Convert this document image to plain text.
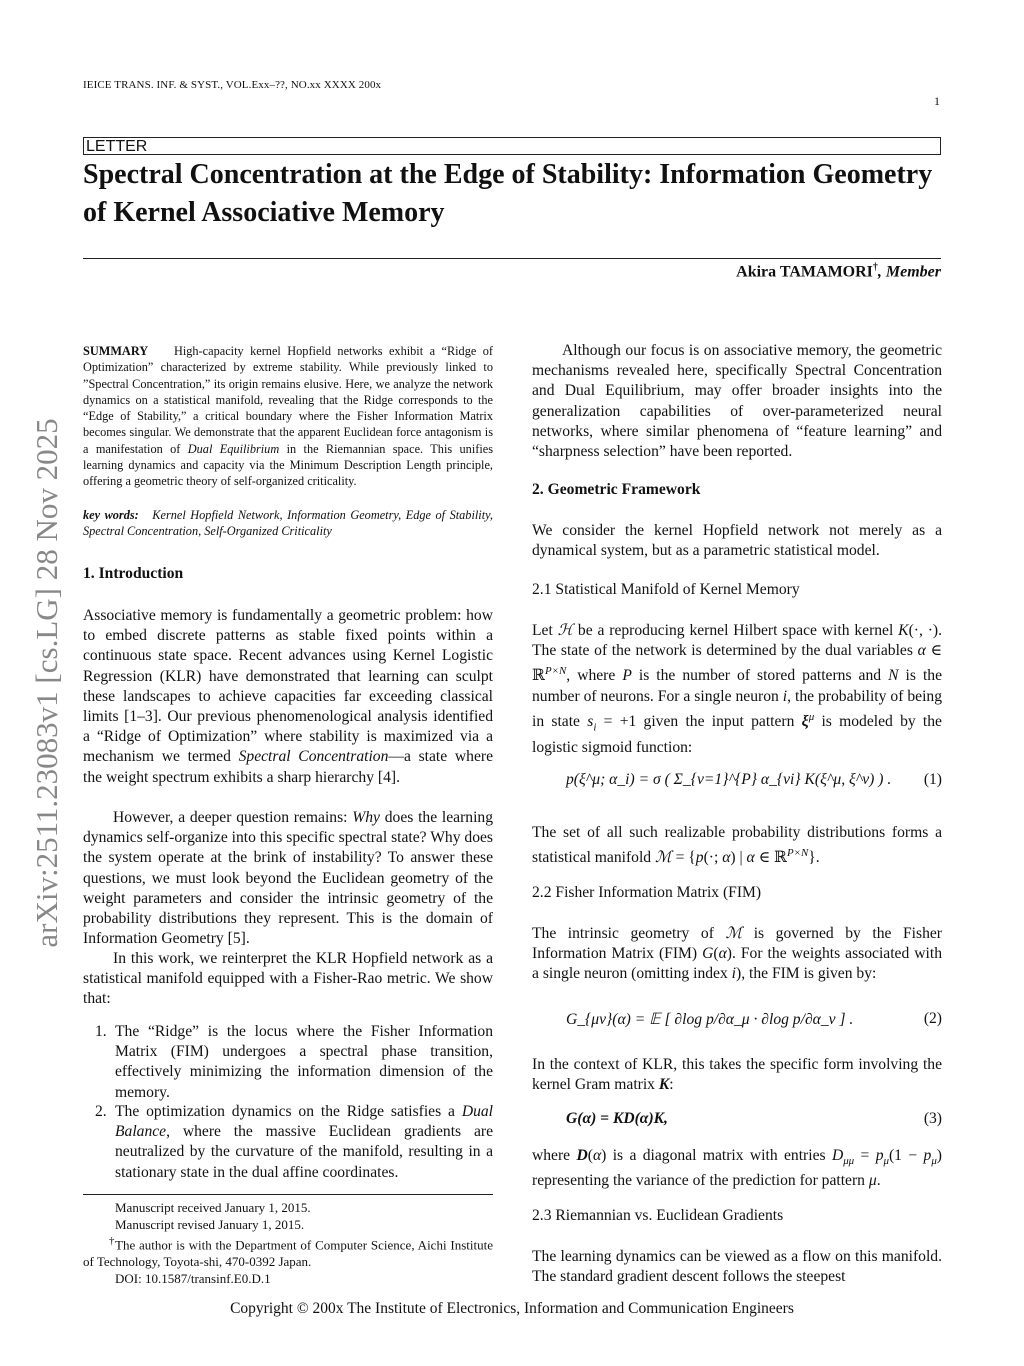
IEICE TRANS. INF. & SYST., VOL.Exx–??, NO.xx XXXX 200x
1
LETTER
Spectral Concentration at the Edge of Stability: Information Geometry of Kernel Associative Memory
Akira TAMAMORI†, Member
arXiv:2511.23083v1 [cs.LG] 28 Nov 2025
SUMMARY High-capacity kernel Hopfield networks exhibit a “Ridge of Optimization” characterized by extreme stability. While previously linked to ”Spectral Concentration,” its origin remains elusive. Here, we analyze the network dynamics on a statistical manifold, revealing that the Ridge corresponds to the “Edge of Stability,” a critical boundary where the Fisher Information Matrix becomes singular. We demonstrate that the apparent Euclidean force antagonism is a manifestation of Dual Equilibrium in the Riemannian space. This unifies learning dynamics and capacity via the Minimum Description Length principle, offering a geometric theory of self-organized criticality.
key words: Kernel Hopfield Network, Information Geometry, Edge of Stability, Spectral Concentration, Self-Organized Criticality
1. Introduction
Associative memory is fundamentally a geometric problem: how to embed discrete patterns as stable fixed points within a continuous state space. Recent advances using Kernel Logistic Regression (KLR) have demonstrated that learning can sculpt these landscapes to achieve capacities far exceeding classical limits [1–3]. Our previous phenomenological analysis identified a “Ridge of Optimization” where stability is maximized via a mechanism we termed Spectral Concentration—a state where the weight spectrum exhibits a sharp hierarchy [4].
However, a deeper question remains: Why does the learning dynamics self-organize into this specific spectral state? Why does the system operate at the brink of instability? To answer these questions, we must look beyond the Euclidean geometry of the weight parameters and consider the intrinsic geometry of the probability distributions they represent. This is the domain of Information Geometry [5].
In this work, we reinterpret the KLR Hopfield network as a statistical manifold equipped with a Fisher-Rao metric. We show that:
1. The “Ridge” is the locus where the Fisher Information Matrix (FIM) undergoes a spectral phase transition, effectively minimizing the information dimension of the memory.
2. The optimization dynamics on the Ridge satisfies a Dual Balance, where the massive Euclidean gradients are neutralized by the curvature of the manifold, resulting in a stationary state in the dual affine coordinates.
Manuscript received January 1, 2015.
Manuscript revised January 1, 2015.
†The author is with the Department of Computer Science, Aichi Institute of Technology, Toyota-shi, 470-0392 Japan.
DOI: 10.1587/transinf.E0.D.1
Although our focus is on associative memory, the geometric mechanisms revealed here, specifically Spectral Concentration and Dual Equilibrium, may offer broader insights into the generalization capabilities of over-parameterized neural networks, where similar phenomena of “feature learning” and “sharpness selection” have been reported.
2. Geometric Framework
We consider the kernel Hopfield network not merely as a dynamical system, but as a parametric statistical model.
2.1 Statistical Manifold of Kernel Memory
Let ℋ be a reproducing kernel Hilbert space with kernel K(·, ·). The state of the network is determined by the dual variables α ∈ ℝ$^{P\times N}$, where P is the number of stored patterns and N is the number of neurons. For a single neuron i, the probability of being in state $s_i = +1$ given the input pattern $\xi^\mu$ is modeled by the logistic sigmoid function:
p(ξ^μ; α_i) = σ ( Σ_{ν=1}^{P} α_{νi} K(ξ^μ, ξ^ν) ) . (1)
The set of all such realizable probability distributions forms a statistical manifold ℳ = {p(·; α) | α ∈ ℝ$^{P\times N}$}.
2.2 Fisher Information Matrix (FIM)
The intrinsic geometry of ℳ is governed by the Fisher Information Matrix (FIM) G(α). For the weights associated with a single neuron (omitting index i), the FIM is given by:
G_{μν}(α) = 𝔼 [ ∂log p/∂α_μ · ∂log p/∂α_ν ] .	(2)
In the context of KLR, this takes the specific form involving the kernel Gram matrix K:
G(α) = KD(α)K,	(3)
where D(α) is a diagonal matrix with entries $D_{\mu\mu} = p_\mu(1 - p_\mu)$ representing the variance of the prediction for pattern μ.
2.3 Riemannian vs. Euclidean Gradients
The learning dynamics can be viewed as a flow on this manifold. The standard gradient descent follows the steepest
Copyright © 200x The Institute of Electronics, Information and Communication Engineers
